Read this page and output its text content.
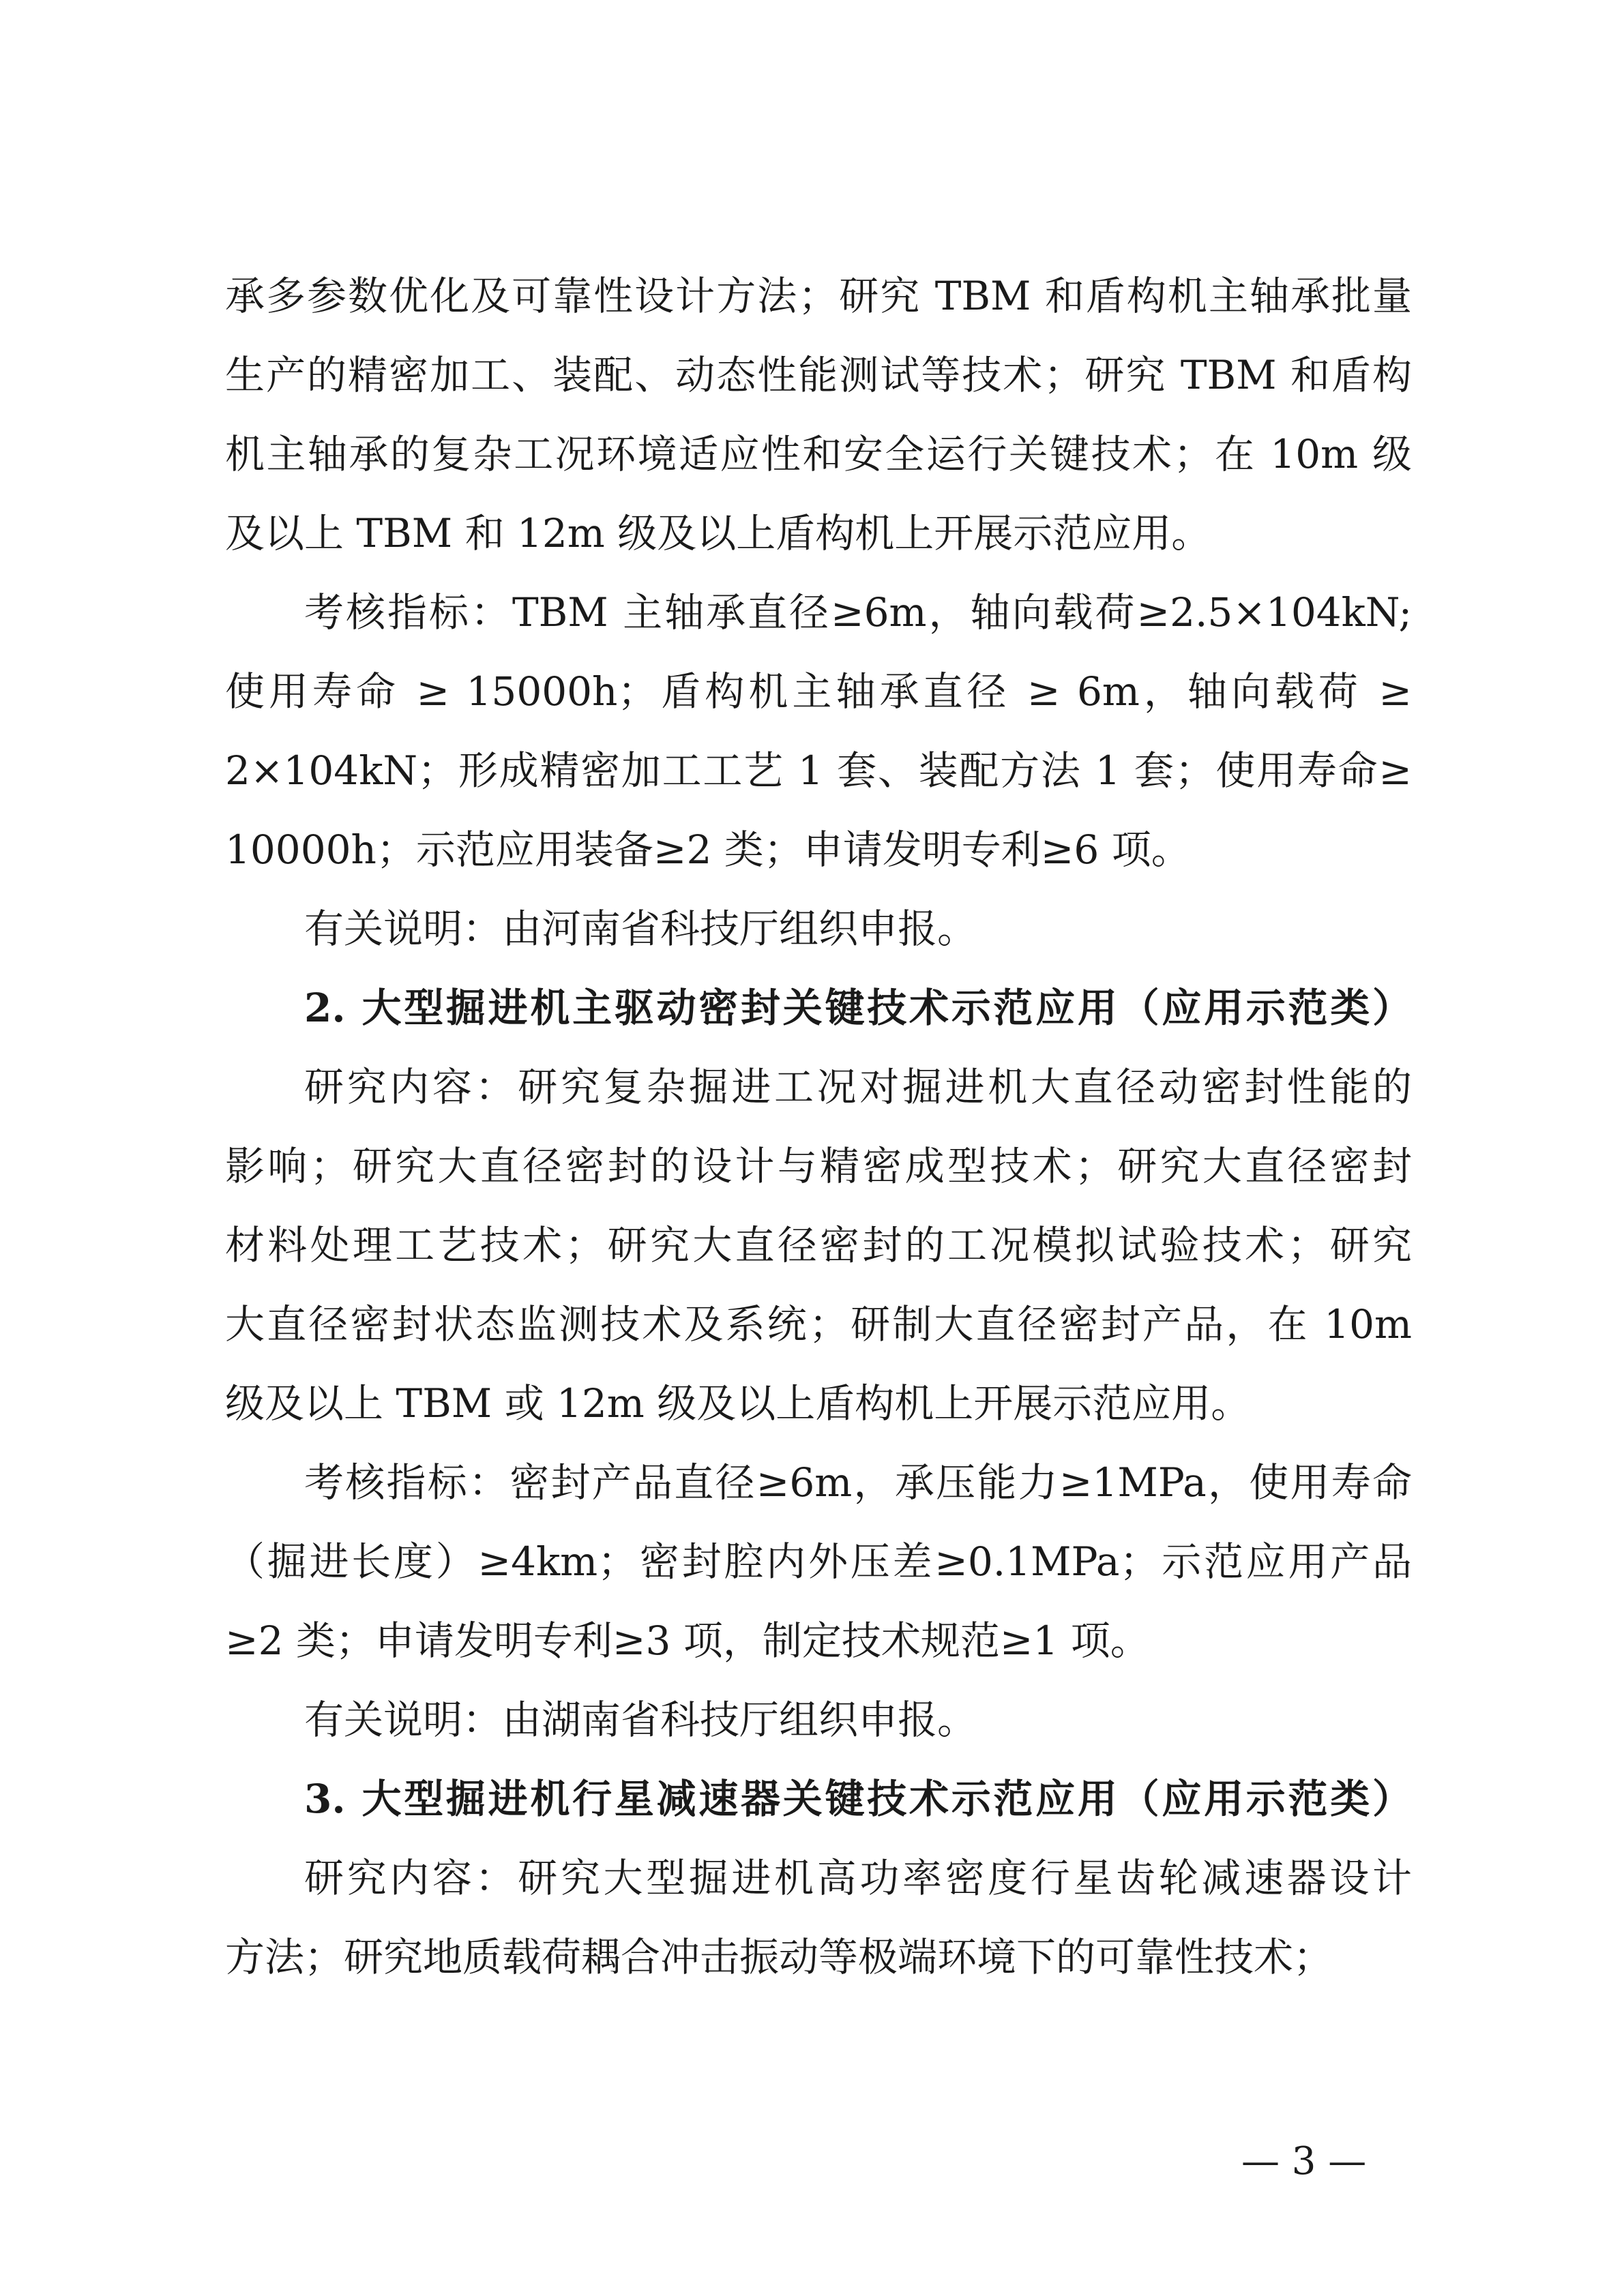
承多参数优化及可靠性设计方法；研究 TBM 和盾构机主轴承批量
生产的精密加工、装配、动态性能测试等技术；研究 TBM 和盾构
机主轴承的复杂工况环境适应性和安全运行关键技术；在 10m 级
及以上 TBM 和 12m 级及以上盾构机上开展示范应用。
考核指标：TBM 主轴承直径≥6m，轴向载荷≥2.5×104kN;
使用寿命 ≥ 15000h；盾构机主轴承直径 ≥ 6m，轴向载荷 ≥
2×104kN；形成精密加工工艺 1 套、装配方法 1 套；使用寿命≥
10000h；示范应用装备≥2 类；申请发明专利≥6 项。
有关说明：由河南省科技厅组织申报。
2. 大型掘进机主驱动密封关键技术示范应用（应用示范类）
研究内容：研究复杂掘进工况对掘进机大直径动密封性能的
影响；研究大直径密封的设计与精密成型技术；研究大直径密封
材料处理工艺技术；研究大直径密封的工况模拟试验技术；研究
大直径密封状态监测技术及系统；研制大直径密封产品，在 10m
级及以上 TBM 或 12m 级及以上盾构机上开展示范应用。
考核指标：密封产品直径≥6m，承压能力≥1MPa，使用寿命
（掘进长度）≥4km；密封腔内外压差≥0.1MPa；示范应用产品
≥2 类；申请发明专利≥3 项，制定技术规范≥1 项。
有关说明：由湖南省科技厅组织申报。
3. 大型掘进机行星减速器关键技术示范应用（应用示范类）
研究内容：研究大型掘进机高功率密度行星齿轮减速器设计
方法；研究地质载荷耦合冲击振动等极端环境下的可靠性技术；
— 3 —
